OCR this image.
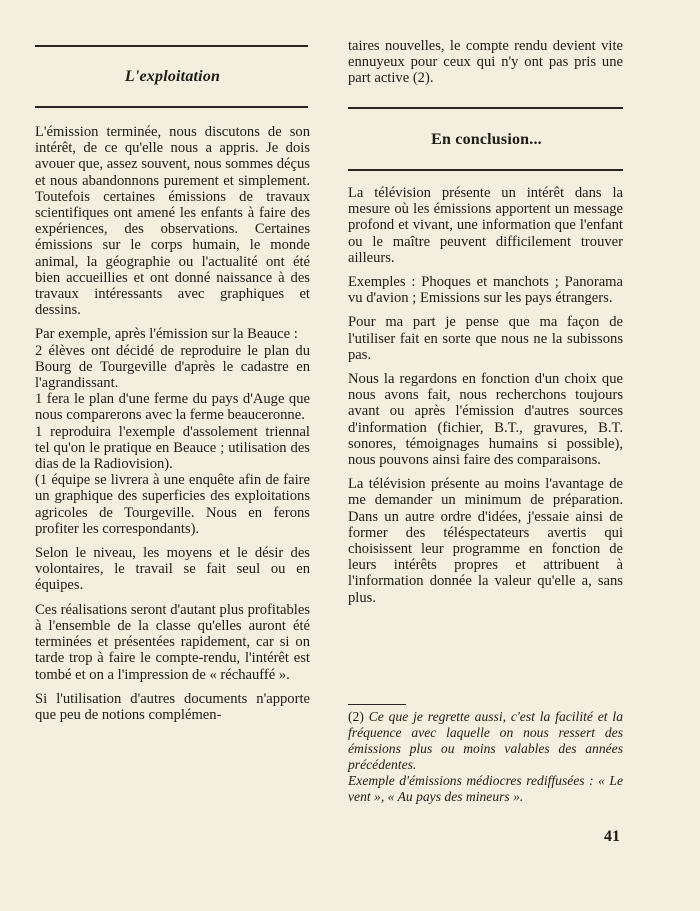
L'exploitation

L'émission terminée, nous discutons de son intérêt, de ce qu'elle nous a appris. Je dois avouer que, assez souvent, nous sommes déçus et nous abandonnons purement et simplement. Toutefois certaines émissions de travaux scientifiques ont amené les enfants à faire des expériences, des observations. Certaines émissions sur le corps humain, le monde animal, la géographie ou l'actualité ont été bien accueillies et ont donné naissance à des travaux intéressants avec graphiques et dessins.

Par exemple, après l'émission sur la Beauce :

2 élèves ont décidé de reproduire le plan du Bourg de Tourgeville d'après le cadastre en l'agrandissant.

1 fera le plan d'une ferme du pays d'Auge que nous comparerons avec la ferme beauceronne.

1 reproduira l'exemple d'assolement triennal tel qu'on le pratique en Beauce ; utilisation des dias de la Radiovision).

(1 équipe se livrera à une enquête afin de faire un graphique des superficies des exploitations agricoles de Tourgeville. Nous en ferons profiter les correspondants).

Selon le niveau, les moyens et le désir des volontaires, le travail se fait seul ou en équipes.

Ces réalisations seront d'autant plus profitables à l'ensemble de la classe qu'elles auront été terminées et présentées rapidement, car si on tarde trop à faire le compte-rendu, l'intérêt est tombé et on a l'impression de « réchauffé ».

Si l'utilisation d'autres documents n'apporte que peu de notions complémen-

taires nouvelles, le compte rendu devient vite ennuyeux pour ceux qui n'y ont pas pris une part active (2).

En conclusion...

La télévision présente un intérêt dans la mesure où les émissions apportent un message profond et vivant, une information que l'enfant ou le maître peuvent difficilement trouver ailleurs.

Exemples : Phoques et manchots ; Panorama vu d'avion ; Emissions sur les pays étrangers.

Pour ma part je pense que ma façon de l'utiliser fait en sorte que nous ne la subissons pas.

Nous la regardons en fonction d'un choix que nous avons fait, nous recherchons toujours avant ou après l'émission d'autres sources d'information (fichier, B.T., gravures, B.T. sonores, témoignages humains si possible), nous pouvons ainsi faire des comparaisons.

La télévision présente au moins l'avantage de me demander un minimum de préparation. Dans un autre ordre d'idées, j'essaie ainsi de former des téléspectateurs avertis qui choisissent leur programme en fonction de leurs intérêts propres et attribuent à l'information donnée la valeur qu'elle a, sans plus.

(2) Ce que je regrette aussi, c'est la facilité et la fréquence avec laquelle on nous ressert des émissions plus ou moins valables des années précédentes.
Exemple d'émissions médiocres rediffusées : « Le vent », « Au pays des mineurs ».
41
